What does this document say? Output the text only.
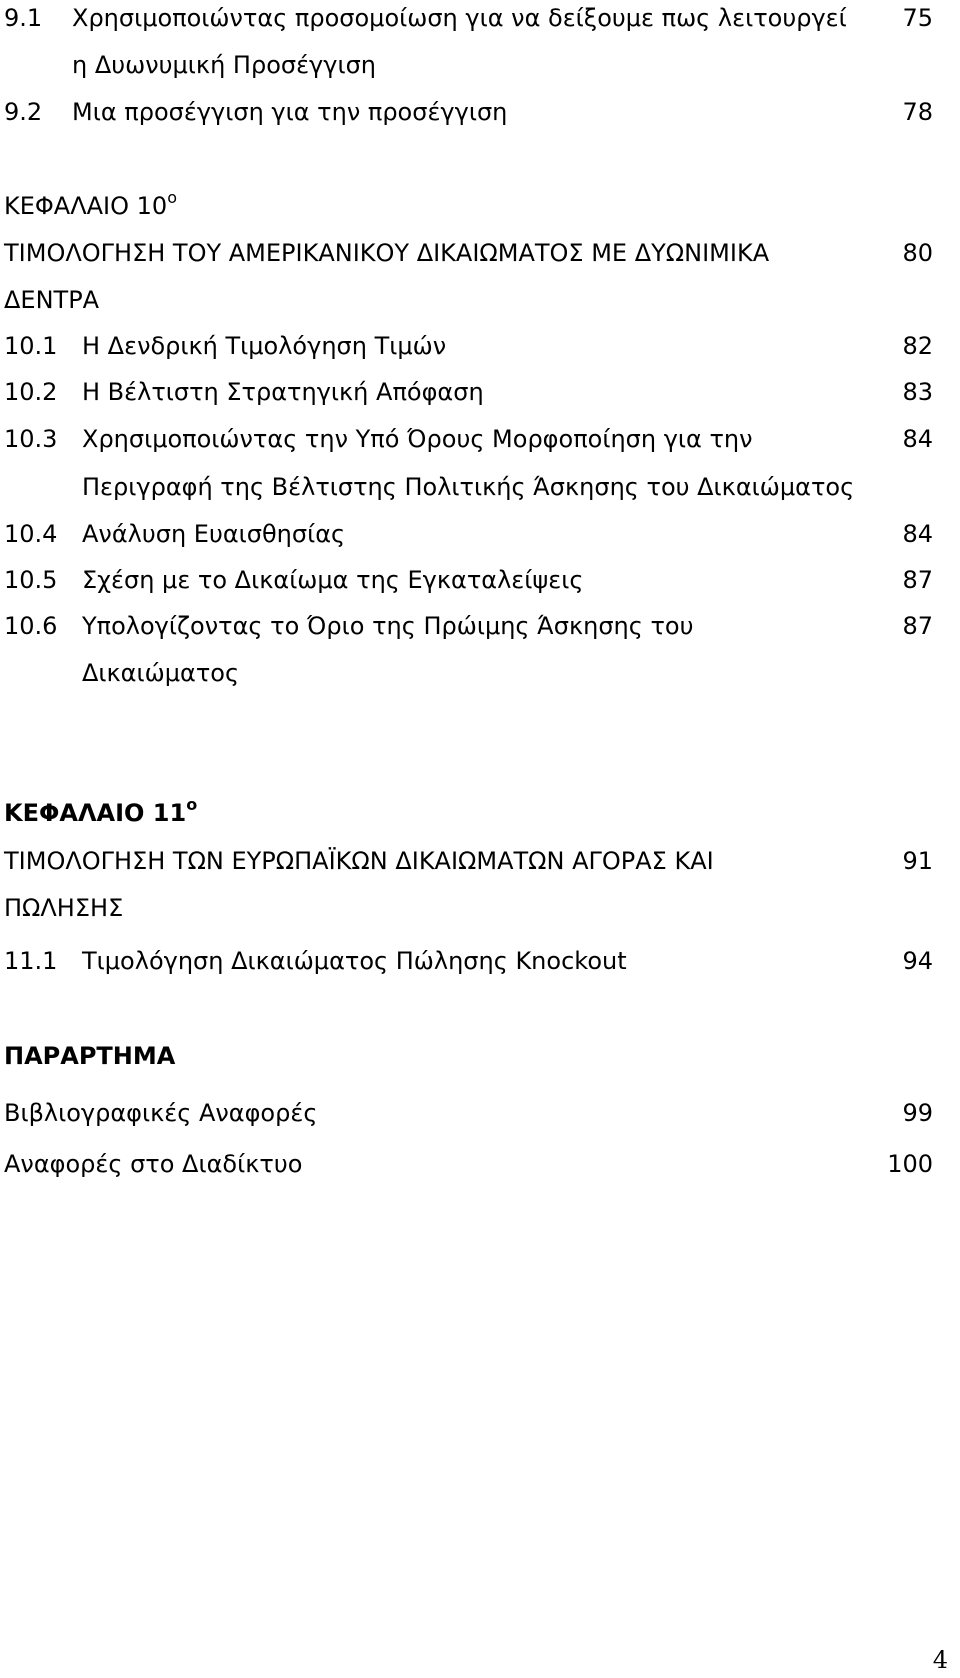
9.1 Χρησιμοποιώντας προσομοίωση για να δείξουμε πως λειτουργεί 75
η Δυωνυμική Προσέγγιση
9.2 Μια προσέγγιση για την προσέγγιση	78
ΚΕΦΑΛΑΙΟ $10^o$
ΤΙΜΟΛΟΓΗΣΗ ΤΟΥ ΑΜΕΡΙΚΑΝΙΚΟΥ ΔΙΚΑΙΩΜΑΤΟΣ ΜΕ ΔΥΩΝΙΜΙΚΑ	80
ΔΕΝΤΡΑ
10.1 Η Δενδρική Τιμολόγηση Τιμών	82
10.2 Η Βέλτιστη Στρατηγική Απόφαση	83
10.3 Χρησιμοποιώντας την Υπό Όρους Μορφοποίηση για την	84
Περιγραφή της Βέλτιστης Πολιτικής Άσκησης του Δικαιώματος
10.4 Ανάλυση Ευαισθησίας	84
10.5 Σχέση με το Δικαίωμα της Εγκαταλείψεις	87
10.6 Υπολογίζοντας το Όριο της Πρώιμης Άσκησης του	87
Δικαιώματος
ΚΕΦΑΛΑΙΟ $11^o$
ΤΙΜΟΛΟΓΗΣΗ ΤΩΝ ΕΥΡΩΠΑΪΚΩΝ ΔΙΚΑΙΩΜΑΤΩΝ ΑΓΟΡΑΣ ΚΑΙ	91
ΠΩΛΗΣΗΣ
11.1 Τιμολόγηση Δικαιώματος Πώλησης Knockout	94
ΠΑΡΑΡΤΗΜΑ
Βιβλιογραφικές Αναφορές	99
Αναφορές στο Διαδίκτυο	100
4
